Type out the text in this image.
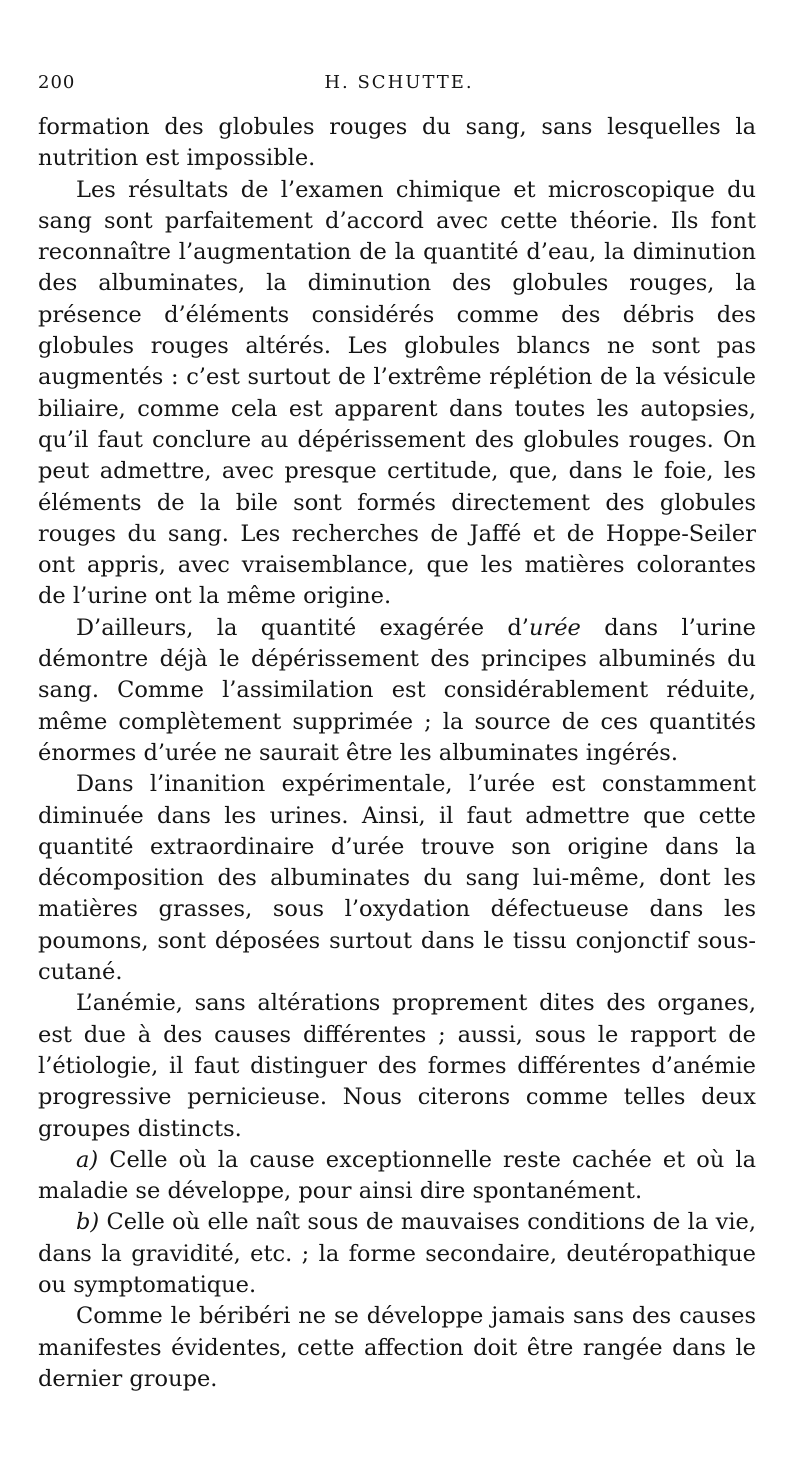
200	H. SCHUTTE.

formation des globules rouges du sang, sans lesquelles la nutrition est impossible.

Les résultats de l’examen chimique et microscopique du sang sont parfaitement d’accord avec cette théorie. Ils font reconnaître l’augmentation de la quantité d’eau, la diminution des albuminates, la diminution des globules rouges, la présence d’éléments considérés comme des débris des globules rouges altérés. Les globules blancs ne sont pas augmentés : c’est surtout de l’extrême réplétion de la vésicule biliaire, comme cela est apparent dans toutes les autopsies, qu’il faut conclure au dépérissement des globules rouges. On peut admettre, avec presque certitude, que, dans le foie, les éléments de la bile sont formés directement des globules rouges du sang. Les recherches de Jaffé et de Hoppe-Seiler ont appris, avec vraisemblance, que les matières colorantes de l’urine ont la même origine.

D’ailleurs, la quantité exagérée d’urée dans l’urine démontre déjà le dépérissement des principes albuminés du sang. Comme l’assimilation est considérablement réduite, même complètement supprimée ; la source de ces quantités énormes d’urée ne saurait être les albuminates ingérés.

Dans l’inanition expérimentale, l’urée est constamment diminuée dans les urines. Ainsi, il faut admettre que cette quantité extraordinaire d’urée trouve son origine dans la décomposition des albuminates du sang lui-même, dont les matières grasses, sous l’oxydation défectueuse dans les poumons, sont déposées surtout dans le tissu conjonctif sous-cutané.

L’anémie, sans altérations proprement dites des organes, est due à des causes différentes ; aussi, sous le rapport de l’étiologie, il faut distinguer des formes différentes d’anémie progressive pernicieuse. Nous citerons comme telles deux groupes distincts.

a) Celle où la cause exceptionnelle reste cachée et où la maladie se développe, pour ainsi dire spontanément.

b) Celle où elle naît sous de mauvaises conditions de la vie, dans la gravidité, etc. ; la forme secondaire, deutéropathique ou symptomatique.

Comme le béribéri ne se développe jamais sans des causes manifestes évidentes, cette affection doit être rangée dans le dernier groupe.
